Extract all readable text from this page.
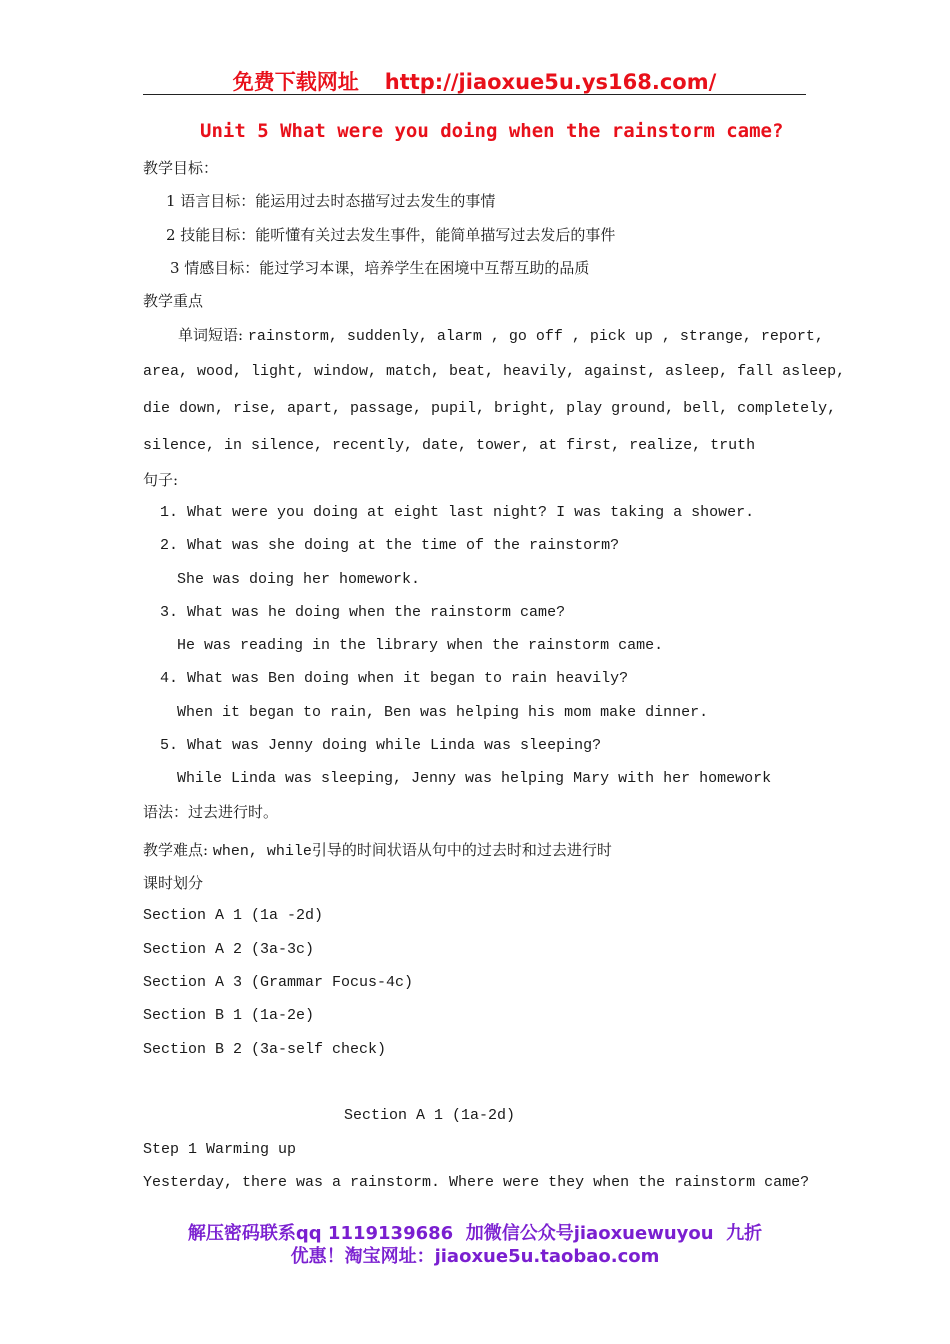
免费下载网址 http://jiaoxue5u.ys168.com/
Unit 5 What were you doing when the rainstorm came?
教学目标：
1 语言目标：能运用过去时态描写过去发生的事情
2 技能目标：能听懂有关过去发生事件，能简单描写过去发后的事件
3 情感目标：能过学习本课，培养学生在困境中互帮互助的品质
教学重点
单词短语: rainstorm, suddenly, alarm , go off , pick up , strange, report,
area, wood, light, window, match, beat, heavily, against, asleep, fall asleep,
die down, rise, apart, passage, pupil, bright, play ground, bell, completely,
silence, in silence, recently, date, tower, at first, realize, truth
句子:
1. What were you doing at eight last night? I was taking a shower.
2. What was she doing at the time of the rainstorm?
She was doing her homework.
3. What was he doing when the rainstorm came?
He was reading in the library when the rainstorm came.
4. What was Ben doing when it began to rain heavily?
When it began to rain, Ben was helping his mom make dinner.
5. What was Jenny doing while Linda was sleeping?
While Linda was sleeping, Jenny was helping Mary with her homework
语法：过去进行时。
教学难点: when, while引导的时间状语从句中的过去时和过去进行时
课时划分
Section A 1 (1a -2d)
Section A 2 (3a-3c)
Section A 3 (Grammar Focus-4c)
Section B 1 (1a-2e)
Section B 2 (3a-self check)
Section A 1 (1a-2d)
Step 1 Warming up
Yesterday, there was a rainstorm. Where were they when the rainstorm came?
解压密码联系qq 1119139686 加微信公众号jiaoxuewuyou 九折
优惠！淘宝网址：jiaoxue5u.taobao.com
